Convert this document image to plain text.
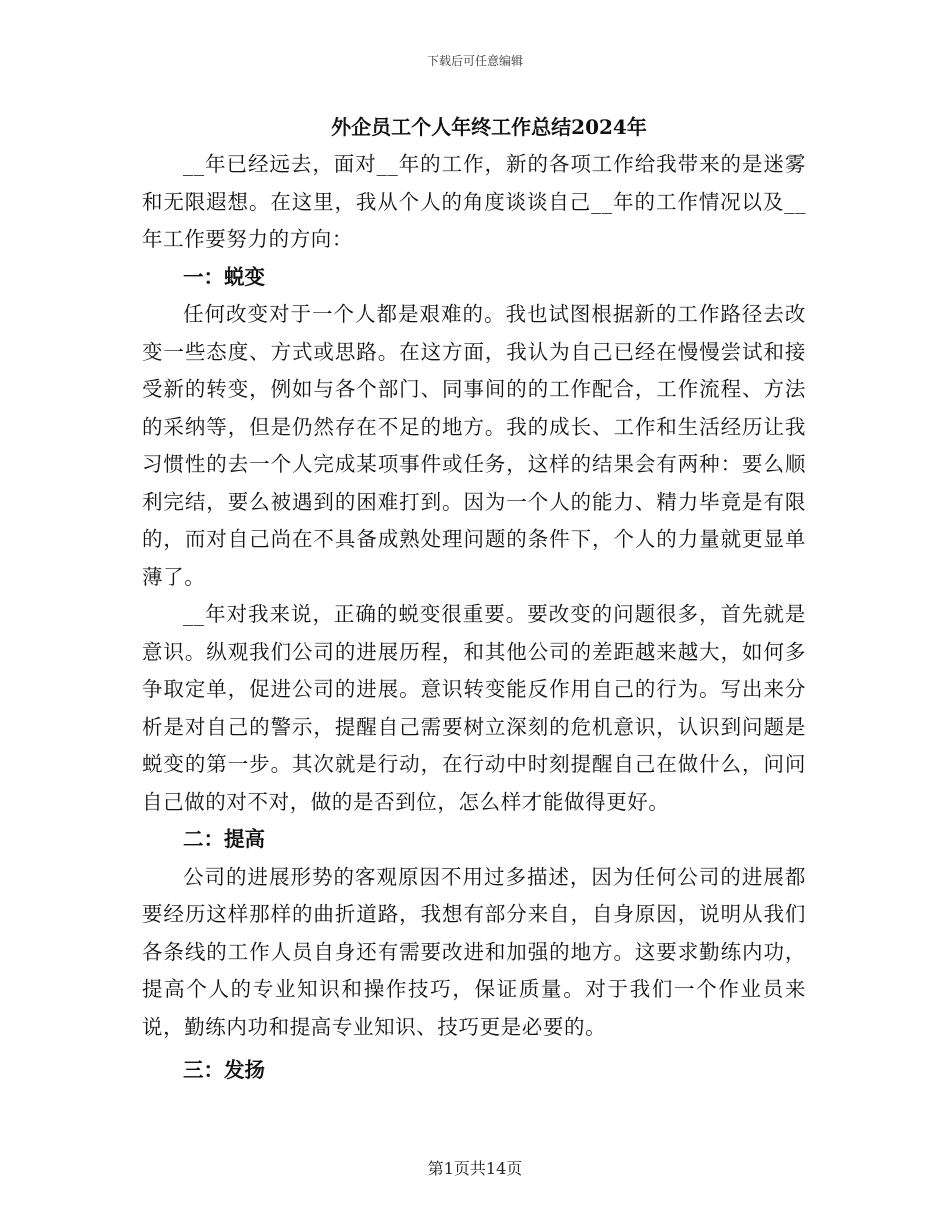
下载后可任意编辑
外企员工个人年终工作总结2024年

__年已经远去，面对__年的工作，新的各项工作给我带来的是迷雾和无限遐想。在这里，我从个人的角度谈谈自己__年的工作情况以及__年工作要努力的方向：

一：蜕变

任何改变对于一个人都是艰难的。我也试图根据新的工作路径去改变一些态度、方式或思路。在这方面，我认为自己已经在慢慢尝试和接受新的转变，例如与各个部门、同事间的的工作配合，工作流程、方法的采纳等，但是仍然存在不足的地方。我的成长、工作和生活经历让我习惯性的去一个人完成某项事件或任务，这样的结果会有两种：要么顺利完结，要么被遇到的困难打到。因为一个人的能力、精力毕竟是有限的，而对自己尚在不具备成熟处理问题的条件下，个人的力量就更显单薄了。

__年对我来说，正确的蜕变很重要。要改变的问题很多，首先就是意识。纵观我们公司的进展历程，和其他公司的差距越来越大，如何多争取定单，促进公司的进展。意识转变能反作用自己的行为。写出来分析是对自己的警示，提醒自己需要树立深刻的危机意识，认识到问题是蜕变的第一步。其次就是行动，在行动中时刻提醒自己在做什么，问问自己做的对不对，做的是否到位，怎么样才能做得更好。

二：提高

公司的进展形势的客观原因不用过多描述，因为任何公司的进展都要经历这样那样的曲折道路，我想有部分来自，自身原因，说明从我们各条线的工作人员自身还有需要改进和加强的地方。这要求勤练内功，提高个人的专业知识和操作技巧，保证质量。对于我们一个作业员来说，勤练内功和提高专业知识、技巧更是必要的。

三：发扬

第1页共14页
